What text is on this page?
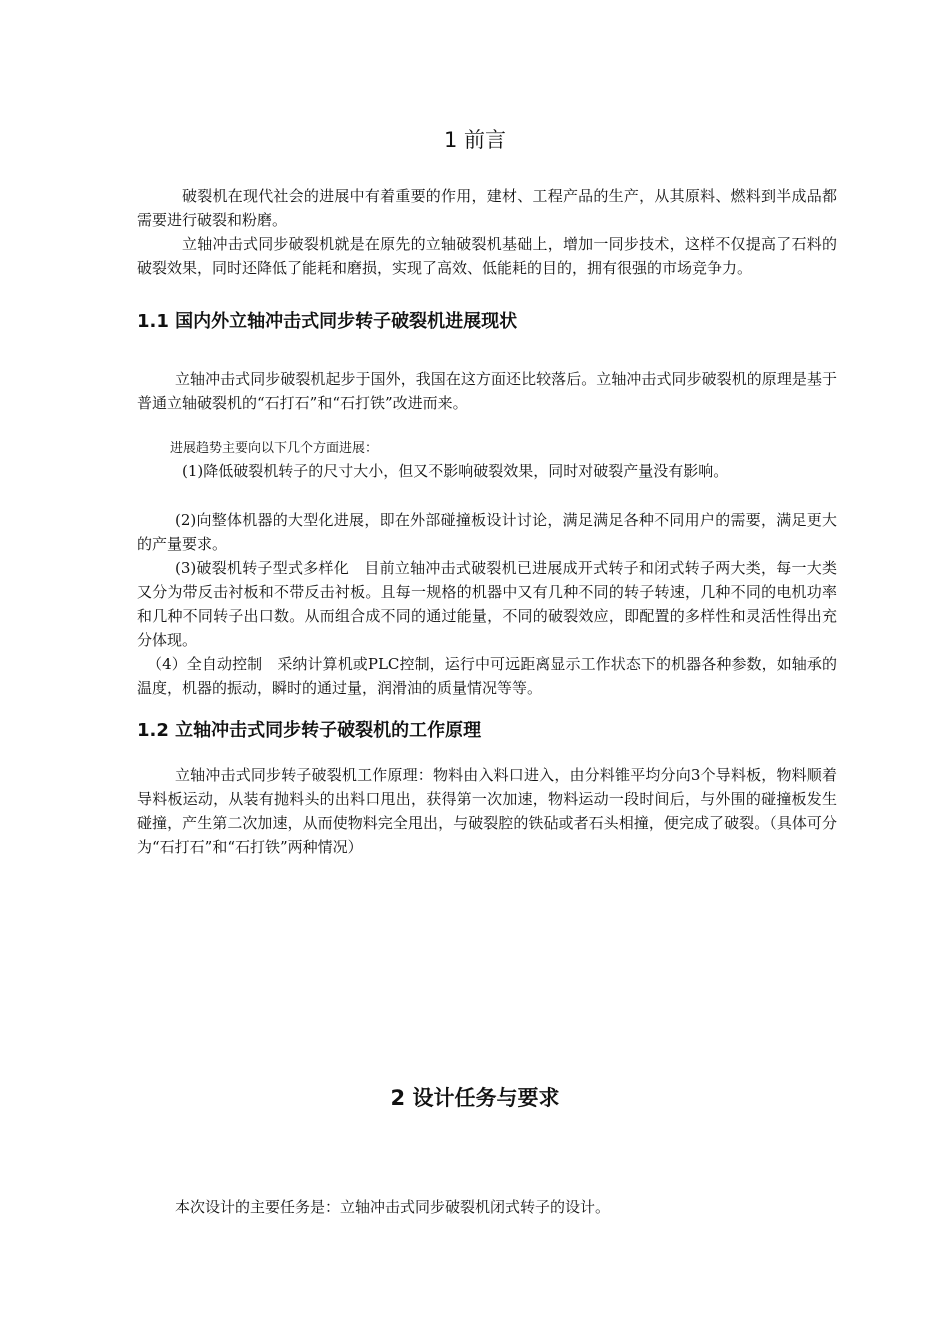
1 前言

破裂机在现代社会的进展中有着重要的作用，建材、工程产品的生产，从其原料、燃料到半成品都需要进行破裂和粉磨。

立轴冲击式同步破裂机就是在原先的立轴破裂机基础上，增加一同步技术，这样不仅提高了石料的破裂效果，同时还降低了能耗和磨损，实现了高效、低能耗的目的，拥有很强的市场竞争力。

1.1 国内外立轴冲击式同步转子破裂机进展现状

立轴冲击式同步破裂机起步于国外，我国在这方面还比较落后。立轴冲击式同步破裂机的原理是基于普通立轴破裂机的“石打石”和“石打铁”改进而来。

进展趋势主要向以下几个方面进展：

(1)降低破裂机转子的尺寸大小，但又不影响破裂效果，同时对破裂产量没有影响。

(2)向整体机器的大型化进展，即在外部碰撞板设计讨论，满足满足各种不同用户的需要，满足更大的产量要求。

(3)破裂机转子型式多样化　目前立轴冲击式破裂机已进展成开式转子和闭式转子两大类，每一大类又分为带反击衬板和不带反击衬板。且每一规格的机器中又有几种不同的转子转速，几种不同的电机功率和几种不同转子出口数。从而组合成不同的通过能量，不同的破裂效应，即配置的多样性和灵活性得出充分体现。

（4）全自动控制　采纳计算机或PLC控制，运行中可远距离显示工作状态下的机器各种参数，如轴承的温度，机器的振动，瞬时的通过量，润滑油的质量情况等等。

1.2 立轴冲击式同步转子破裂机的工作原理

立轴冲击式同步转子破裂机工作原理：物料由入料口进入，由分料锥平均分向3个导料板，物料顺着导料板运动，从装有抛料头的出料口甩出，获得第一次加速，物料运动一段时间后，与外围的碰撞板发生碰撞，产生第二次加速，从而使物料完全甩出，与破裂腔的铁砧或者石头相撞，便完成了破裂。（具体可分为“石打石”和“石打铁”两种情况）

2 设计任务与要求

本次设计的主要任务是：立轴冲击式同步破裂机闭式转子的设计。
